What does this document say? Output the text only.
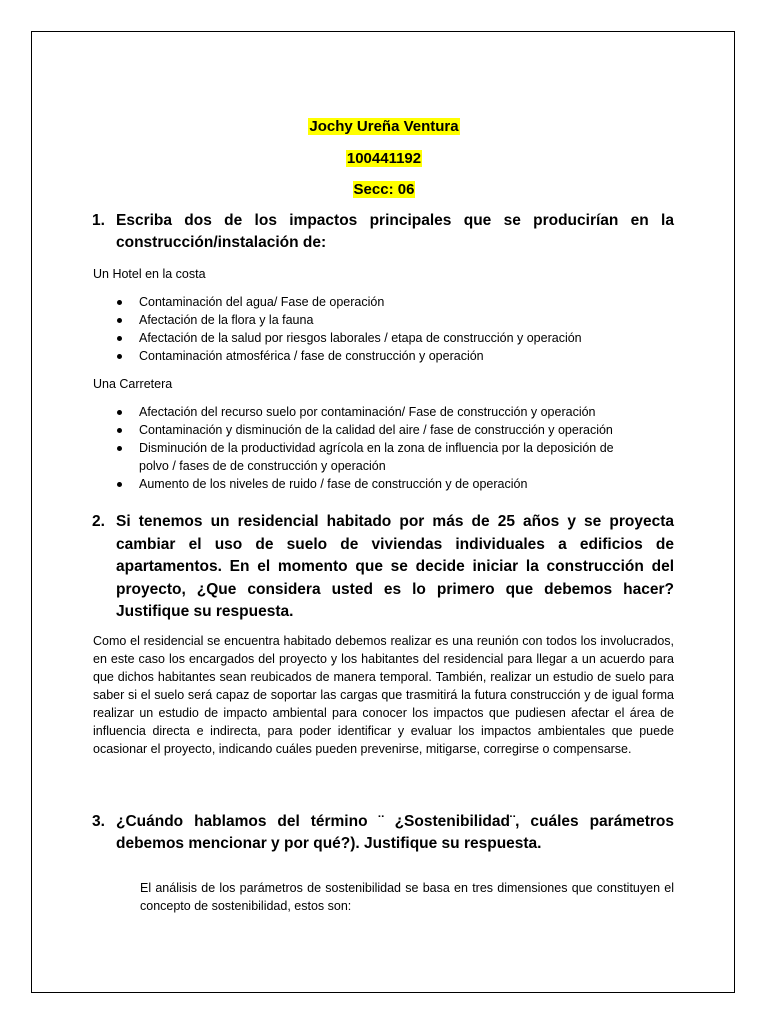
Jochy Ureña Ventura
100441192
Secc: 06
1. Escriba dos de los impactos principales que se producirían en la construcción/instalación de:
Un Hotel en la costa
Contaminación del agua/ Fase de operación
Afectación de la flora y la fauna
Afectación de la salud por riesgos laborales / etapa de construcción y operación
Contaminación atmosférica / fase de construcción y operación
Una Carretera
Afectación del recurso suelo por contaminación/ Fase de construcción y operación
Contaminación y disminución de la calidad del aire / fase de construcción y operación
Disminución de la productividad agrícola en la zona de influencia por la deposición de polvo / fases de de construcción y operación
Aumento de los niveles de ruido / fase de construcción y de operación
2. Si tenemos un residencial habitado por más de 25 años y se proyecta cambiar el uso de suelo de viviendas individuales a edificios de apartamentos. En el momento que se decide iniciar la construcción del proyecto, ¿Que considera usted es lo primero que debemos hacer? Justifique su respuesta.
Como el residencial se encuentra habitado debemos realizar es una reunión con todos los involucrados, en este caso los encargados del proyecto y los habitantes del residencial para llegar a un acuerdo para que dichos habitantes sean reubicados de manera temporal. También, realizar un estudio de suelo para saber si el suelo será capaz de soportar las cargas que trasmitirá la futura construcción y de igual forma realizar un estudio de impacto ambiental para conocer los impactos que pudiesen afectar el área de influencia directa e indirecta, para poder identificar y evaluar los impactos ambientales que puede ocasionar el proyecto, indicando cuáles pueden prevenirse, mitigarse, corregirse o compensarse.
3. ¿Cuándo hablamos del término ¨ ¿Sostenibilidad¨, cuáles parámetros debemos mencionar y por qué?). Justifique su respuesta.
El análisis de los parámetros de sostenibilidad se basa en tres dimensiones que constituyen el concepto de sostenibilidad, estos son:
